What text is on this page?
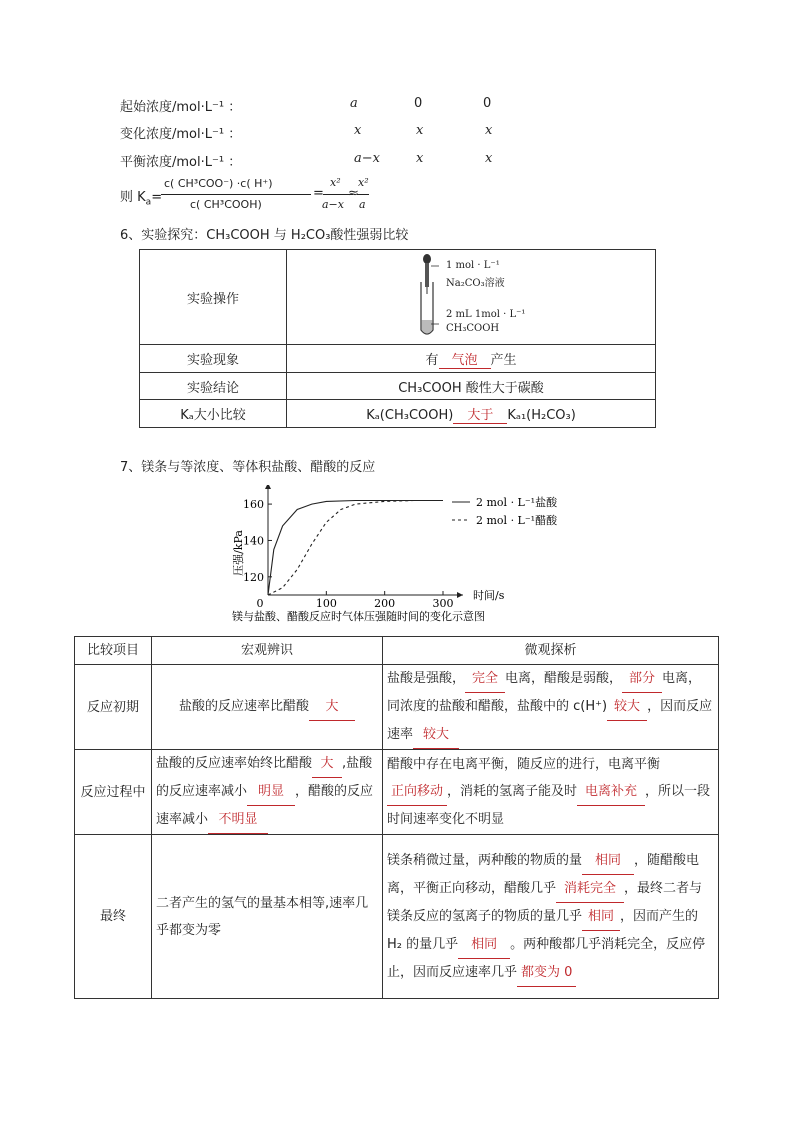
起始浓度/mol·L⁻¹ ：	a	0	0
变化浓度/mol·L⁻¹ ：	x	x	x
平衡浓度/mol·L⁻¹ ：	a−x	x	x
则 $K_a=$
c( CH³COO⁻) ·c( H⁺)
c( CH³COOH)
=
x²
a−x
≈
x²
a
6、实验探究：CH₃COOH 与 H₂CO₃酸性强弱比较
实验操作	1 mol · L⁻¹
Na₂CO₃溶液
2 mL 1mol · L⁻¹
CH₃COOH

实验现象	有 气泡 产生
实验结论	CH₃COOH 酸性大于碳酸
Kₐ大小比较	Kₐ(CH₃COOH) 大于 Kₐ₁(H₂CO₃)
7、镁条与等浓度、等体积盐酸、醋酸的反应
0	100	200	300
120
140
160
时间/s
压强/kPa
2 mol · L⁻¹盐酸
2 mol · L⁻¹醋酸
镁与盐酸、醋酸反应时气体压强随时间的变化示意图
比较项目	宏观辨识	微观探析
反应初期	盐酸的反应速率比醋酸 大	盐酸是强酸， 完全 电离，醋酸是弱酸， 部分 电离，同浓度的盐酸和醋酸，盐酸中的 c(H⁺) 较大 ，因而反应速率 较大
反应过程中	盐酸的反应速率始终比醋酸 大 ,盐酸的反应速率减小 明显 ，醋酸的反应速率减小 不明显	醋酸中存在电离平衡，随反应的进行，电离平衡正向移动 ，消耗的氢离子能及时 电离补充 ，所以一段时间速率变化不明显
最终	二者产生的氢气的量基本相等,速率几乎都变为零	镁条稍微过量，两种酸的物质的量 相同 ，随醋酸电离，平衡正向移动，醋酸几乎 消耗完全 ，最终二者与镁条反应的氢离子的物质的量几乎 相同 ，因而产生的 H₂ 的量几乎 相同 。两种酸都几乎消耗完全，反应停止，因而反应速率几乎 都变为 0
